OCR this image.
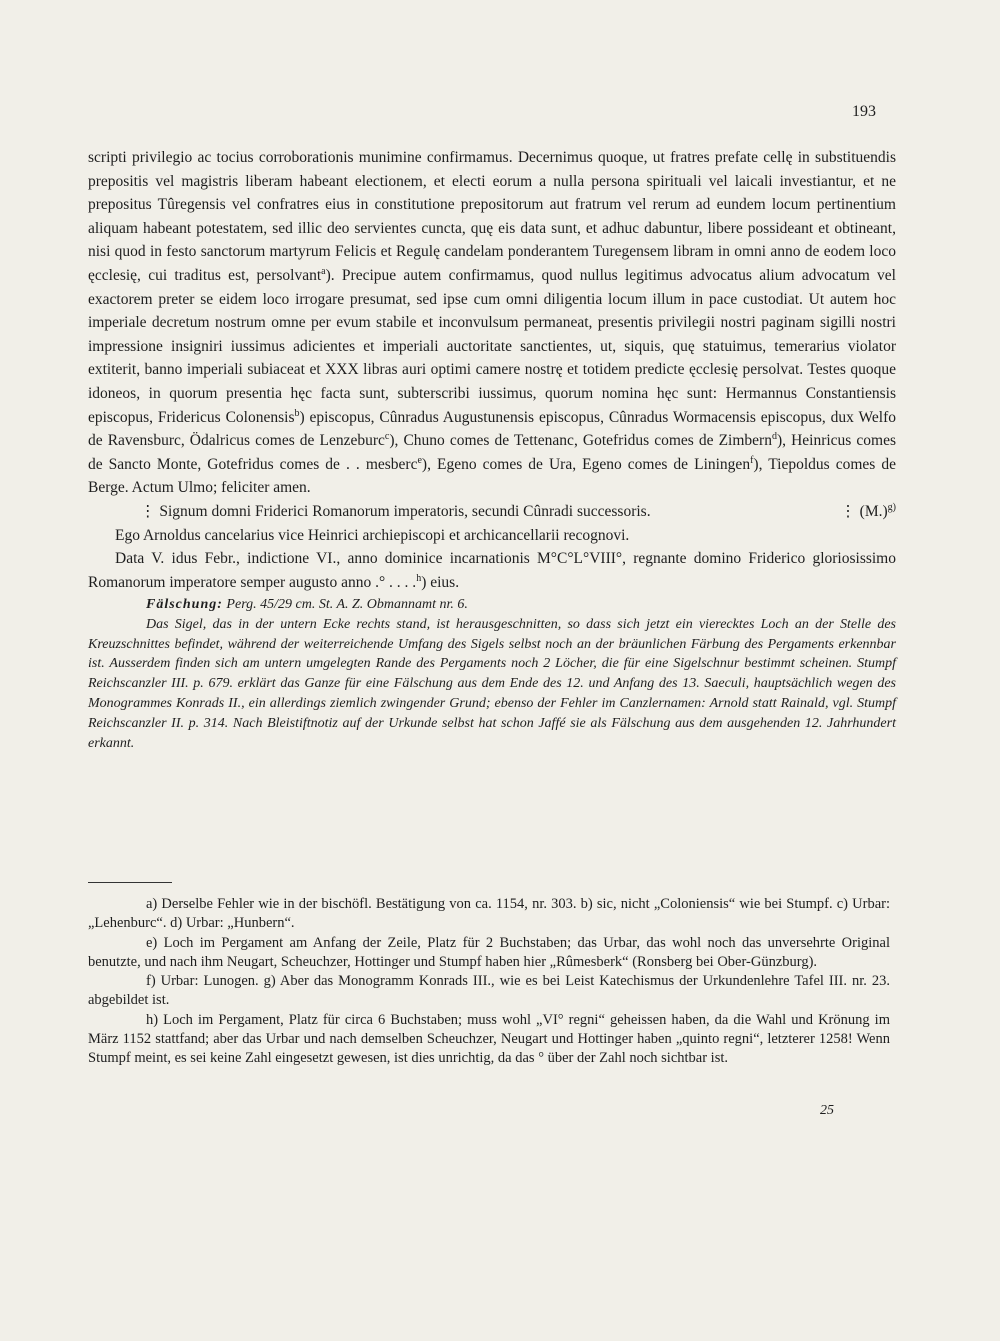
193

scripti privilegio ac tocius corroborationis munimine confirmamus. Decernimus quoque, ut fratres prefate cellę in substituendis prepositis vel magistris liberam habeant electionem, et electi eorum a nulla persona spirituali vel laicali investiantur, et ne prepositus Tûregensis vel confratres eius in constitutione prepositorum aut fratrum vel rerum ad eundem locum pertinentium aliquam habeant potestatem, sed illic deo servientes cuncta, quę eis data sunt, et adhuc dabuntur, libere possideant et obtineant, nisi quod in festo sanctorum martyrum Felicis et Regulę candelam ponderantem Turegensem libram in omni anno de eodem loco ęcclesię, cui traditus est, persolvant$^a$). Precipue autem confirmamus, quod nullus legitimus advocatus alium advocatum vel exactorem preter se eidem loco irrogare presumat, sed ipse cum omni diligentia locum illum in pace custodiat. Ut autem hoc imperiale decretum nostrum omne per evum stabile et inconvulsum permaneat, presentis privilegii nostri paginam sigilli nostri impressione insigniri iussimus adicientes et imperiali auctoritate sanctientes, ut, siquis, quę statuimus, temerarius violator extiterit, banno imperiali subiaceat et XXX libras auri optimi camere nostrę et totidem predicte ęcclesię persolvat. Testes quoque idoneos, in quorum presentia hęc facta sunt, subterscribi iussimus, quorum nomina hęc sunt: Hermannus Constantiensis episcopus, Fridericus Colonensis$^b$) episcopus, Cûnradus Augustunensis episcopus, Cûnradus Wormacensis episcopus, dux Welfo de Ravensburc, Ödalricus comes de Lenzeburc$^c$), Chuno comes de Tettenanc, Gotefridus comes de Zimbern$^d$), Heinricus comes de Sancto Monte, Gotefridus comes de . . mesberc$^e$), Egeno comes de Ura, Egeno comes de Liningen$^f$), Tiepoldus comes de Berge. Actum Ulmo; feliciter amen.

⋮ Signum domni Friderici Romanorum imperatoris, secundi Cûnradi successoris.	⋮ $(M.)^{g)}$

Ego Arnoldus cancelarius vice Heinrici archiepiscopi et archicancellarii recognovi.

Data V. idus Febr., indictione VI., anno dominice incarnationis M°C°L°VIII°, regnante domino Friderico gloriosissimo Romanorum imperatore semper augusto anno .° . . . .$^h$) eius.

Fälschung: Perg. 45/29 cm. St. A. Z. Obmannamt nr. 6.
Das Sigel, das in der untern Ecke rechts stand, ist herausgeschnitten, so dass sich jetzt ein vierecktes Loch an der Stelle des Kreuzschnittes befindet, während der weiterreichende Umfang des Sigels selbst noch an der bräunlichen Färbung des Pergaments erkennbar ist. Ausserdem finden sich am untern umgelegten Rande des Pergaments noch 2 Löcher, die für eine Sigelschnur bestimmt scheinen. Stumpf Reichscanzler III. p. 679. erklärt das Ganze für eine Fälschung aus dem Ende des 12. und Anfang des 13. Saeculi, hauptsächlich wegen des Monogrammes Konrads II., ein allerdings ziemlich zwingender Grund; ebenso der Fehler im Canzlernamen: Arnold statt Rainald, vgl. Stumpf Reichscanzler II. p. 314. Nach Bleistiftnotiz auf der Urkunde selbst hat schon Jaffé sie als Fälschung aus dem ausgehenden 12. Jahrhundert erkannt.

a) Derselbe Fehler wie in der bischöfl. Bestätigung von ca. 1154, nr. 303. b) sic, nicht „Coloniensis“ wie bei Stumpf. c) Urbar: „Lehenburc“. d) Urbar: „Hunbern“.

e) Loch im Pergament am Anfang der Zeile, Platz für 2 Buchstaben; das Urbar, das wohl noch das unversehrte Original benutzte, und nach ihm Neugart, Scheuchzer, Hottinger und Stumpf haben hier „Rûmesberk“ (Ronsberg bei Ober-Günzburg).

f) Urbar: Lunogen. g) Aber das Monogramm Konrads III., wie es bei Leist Katechismus der Urkundenlehre Tafel III. nr. 23. abgebildet ist.

h) Loch im Pergament, Platz für circa 6 Buchstaben; muss wohl „VI° regni“ geheissen haben, da die Wahl und Krönung im März 1152 stattfand; aber das Urbar und nach demselben Scheuchzer, Neugart und Hottinger haben „quinto regni“, letzterer 1258! Wenn Stumpf meint, es sei keine Zahl eingesetzt gewesen, ist dies unrichtig, da das ° über der Zahl noch sichtbar ist.

25
